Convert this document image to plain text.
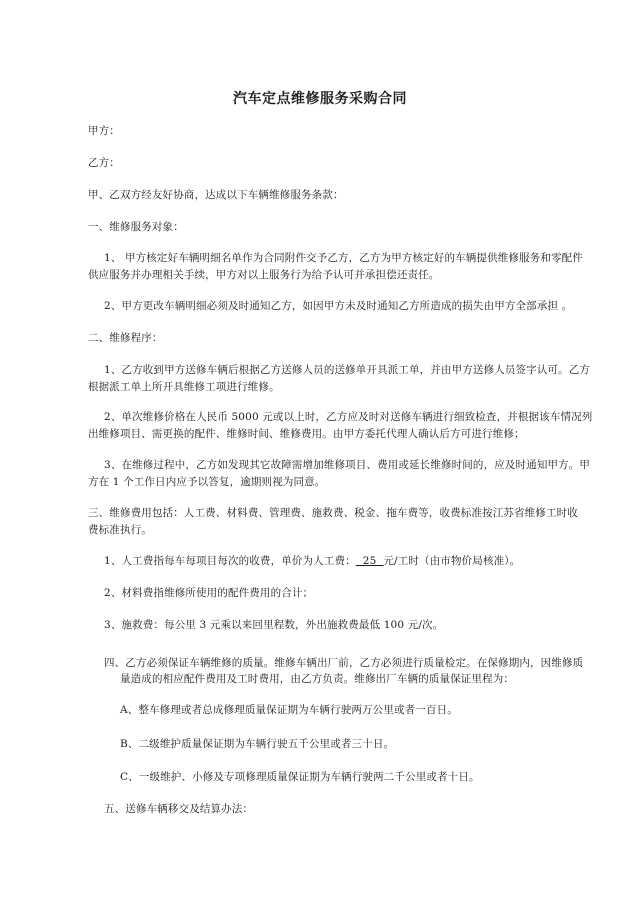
汽车定点维修服务采购合同
甲方：
乙方：
甲、乙双方经友好协商，达成以下车辆维修服务条款：
一、维修服务对象：
1、 甲方核定好车辆明细名单作为合同附件交予乙方，乙方为甲方核定好的车辆提供维修服务和零配件
供应服务并办理相关手续，甲方对以上服务行为给予认可并承担偿还责任。
2、甲方更改车辆明细必须及时通知乙方，如因甲方未及时通知乙方所造成的损失由甲方全部承担 。
二、维修程序：
1、乙方收到甲方送修车辆后根据乙方送修人员的送修单开具派工单，并由甲方送修人员签字认可。乙方
根据派工单上所开具维修工项进行维修。
2、单次维修价格在人民币 5000 元或以上时，乙方应及时对送修车辆进行细致检查，并根据该车情况列
出维修项目、需更换的配件、维修时间、维修费用。由甲方委托代理人确认后方可进行维修；
3、在维修过程中，乙方如发现其它故障需增加维修项目、费用或延长维修时间的，应及时通知甲方。甲
方在 1 个工作日内应予以答复，逾期则视为同意。
三、维修费用包括：人工费、材料费、管理费、施救费、税金、拖车费等，收费标准按江苏省维修工时收
费标准执行。
1、人工费指每车每项目每次的收费，单价为人工费：  25  元/工时（由市物价局核准）。
2、材料费指维修所使用的配件费用的合计；
3、施救费：每公里 3 元乘以来回里程数，外出施救费最低 100 元/次。
四、乙方必须保证车辆维修的质量。维修车辆出厂前，乙方必须进行质量检定。在保修期内，因维修质
量造成的相应配件费用及工时费用，由乙方负责。维修出厂车辆的质量保证里程为：
A、整车修理或者总成修理质量保证期为车辆行驶两万公里或者一百日。
B、二级维护质量保证期为车辆行驶五千公里或者三十日。
C、一级维护、小修及专项修理质量保证期为车辆行驶两二千公里或者十日。
五、送修车辆移交及结算办法：
